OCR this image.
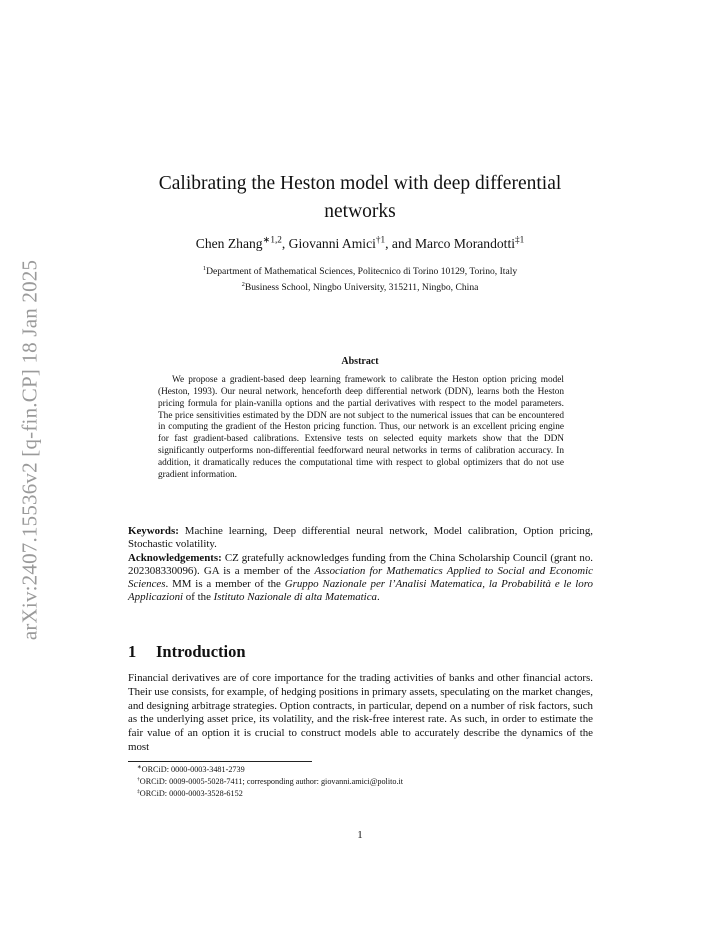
arXiv:2407.15536v2 [q-fin.CP] 18 Jan 2025
Calibrating the Heston model with deep differential
networks
Chen Zhang$^{∗1,2}$, Giovanni Amici$^{\dagger 1}$, and Marco Morandotti$^{\ddagger 1}$
$^1$Department of Mathematical Sciences, Politecnico di Torino 10129, Torino, Italy
$^2$Business School, Ningbo University, 315211, Ningbo, China
Abstract
We propose a gradient-based deep learning framework to calibrate the Heston option pricing model (Heston, 1993). Our neural network, henceforth deep differential network (DDN), learns both the Heston pricing formula for plain-vanilla options and the partial derivatives with respect to the model parameters. The price sensitivities estimated by the DDN are not subject to the numerical issues that can be encountered in computing the gradient of the Heston pricing function. Thus, our network is an excellent pricing engine for fast gradient-based calibrations. Extensive tests on selected equity markets show that the DDN significantly outperforms non-differential feedforward neural networks in terms of calibration accuracy. In addition, it dramatically reduces the computational time with respect to global optimizers that do not use gradient information.

Keywords: Machine learning, Deep differential neural network, Model calibration, Option pricing, Stochastic volatility.

Acknowledgements: CZ gratefully acknowledges funding from the China Scholarship Council (grant no. 202308330096). GA is a member of the Association for Mathematics Applied to Social and Economic Sciences. MM is a member of the Gruppo Nazionale per l’Analisi Matematica, la Probabilità e le loro Applicazioni of the Istituto Nazionale di alta Matematica.

1 Introduction
Financial derivatives are of core importance for the trading activities of banks and other financial actors. Their use consists, for example, of hedging positions in primary assets, speculating on the market changes, and designing arbitrage strategies. Option contracts, in particular, depend on a number of risk factors, such as the underlying asset price, its volatility, and the risk-free interest rate. As such, in order to estimate the fair value of an option it is crucial to construct models able to accurately describe the dynamics of the most
∗ORCiD: 0000-0003-3481-2739
†ORCiD: 0009-0005-5028-7411; corresponding author: giovanni.amici@polito.it
‡ORCiD: 0000-0003-3528-6152
1
